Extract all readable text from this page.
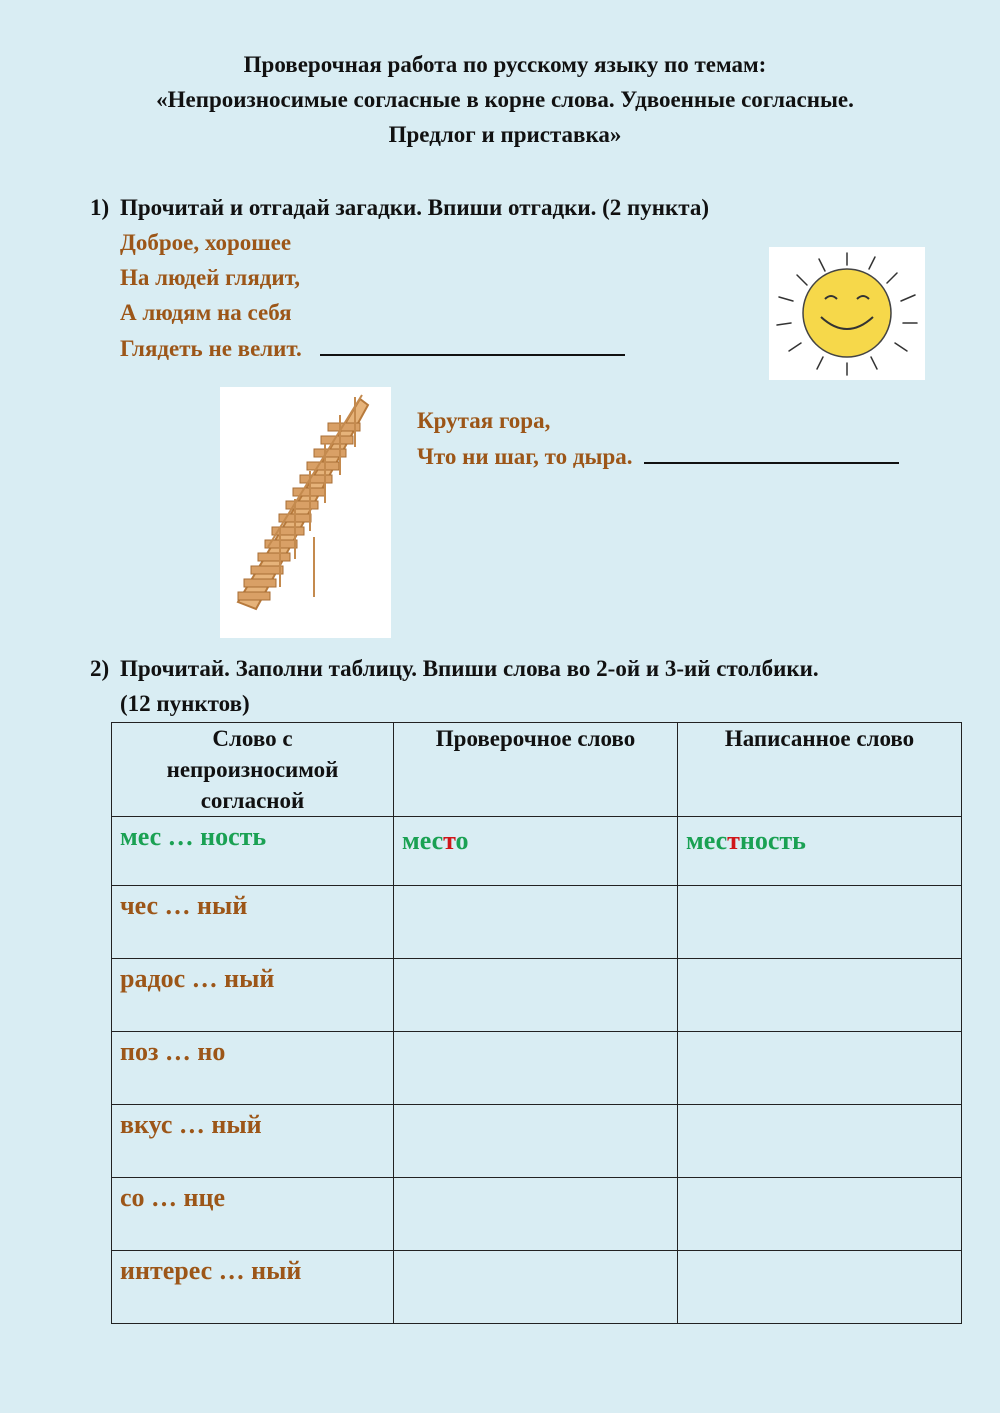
Проверочная работа по русскому языку по темам:
«Непроизносимые согласные в корне слова. Удвоенные согласные.
Предлог и приставка»
1) Прочитай и отгадай загадки. Впиши отгадки. (2 пункта)
Доброе, хорошее
На людей глядит,
А людям на себя
Глядеть не велит.
Крутая гора,
Что ни шаг, то дыра.
2) Прочитай. Заполни таблицу. Впиши слова во 2-ой и 3-ий столбики.
(12 пунктов)
Слово с
непроизносимой
согласной	Проверочное слово	Написанное слово

мес … ность	место	местность

чес … ный		
радос … ный		
поз … но		
вкус … ный		
со … нце		
интерес … ный		
